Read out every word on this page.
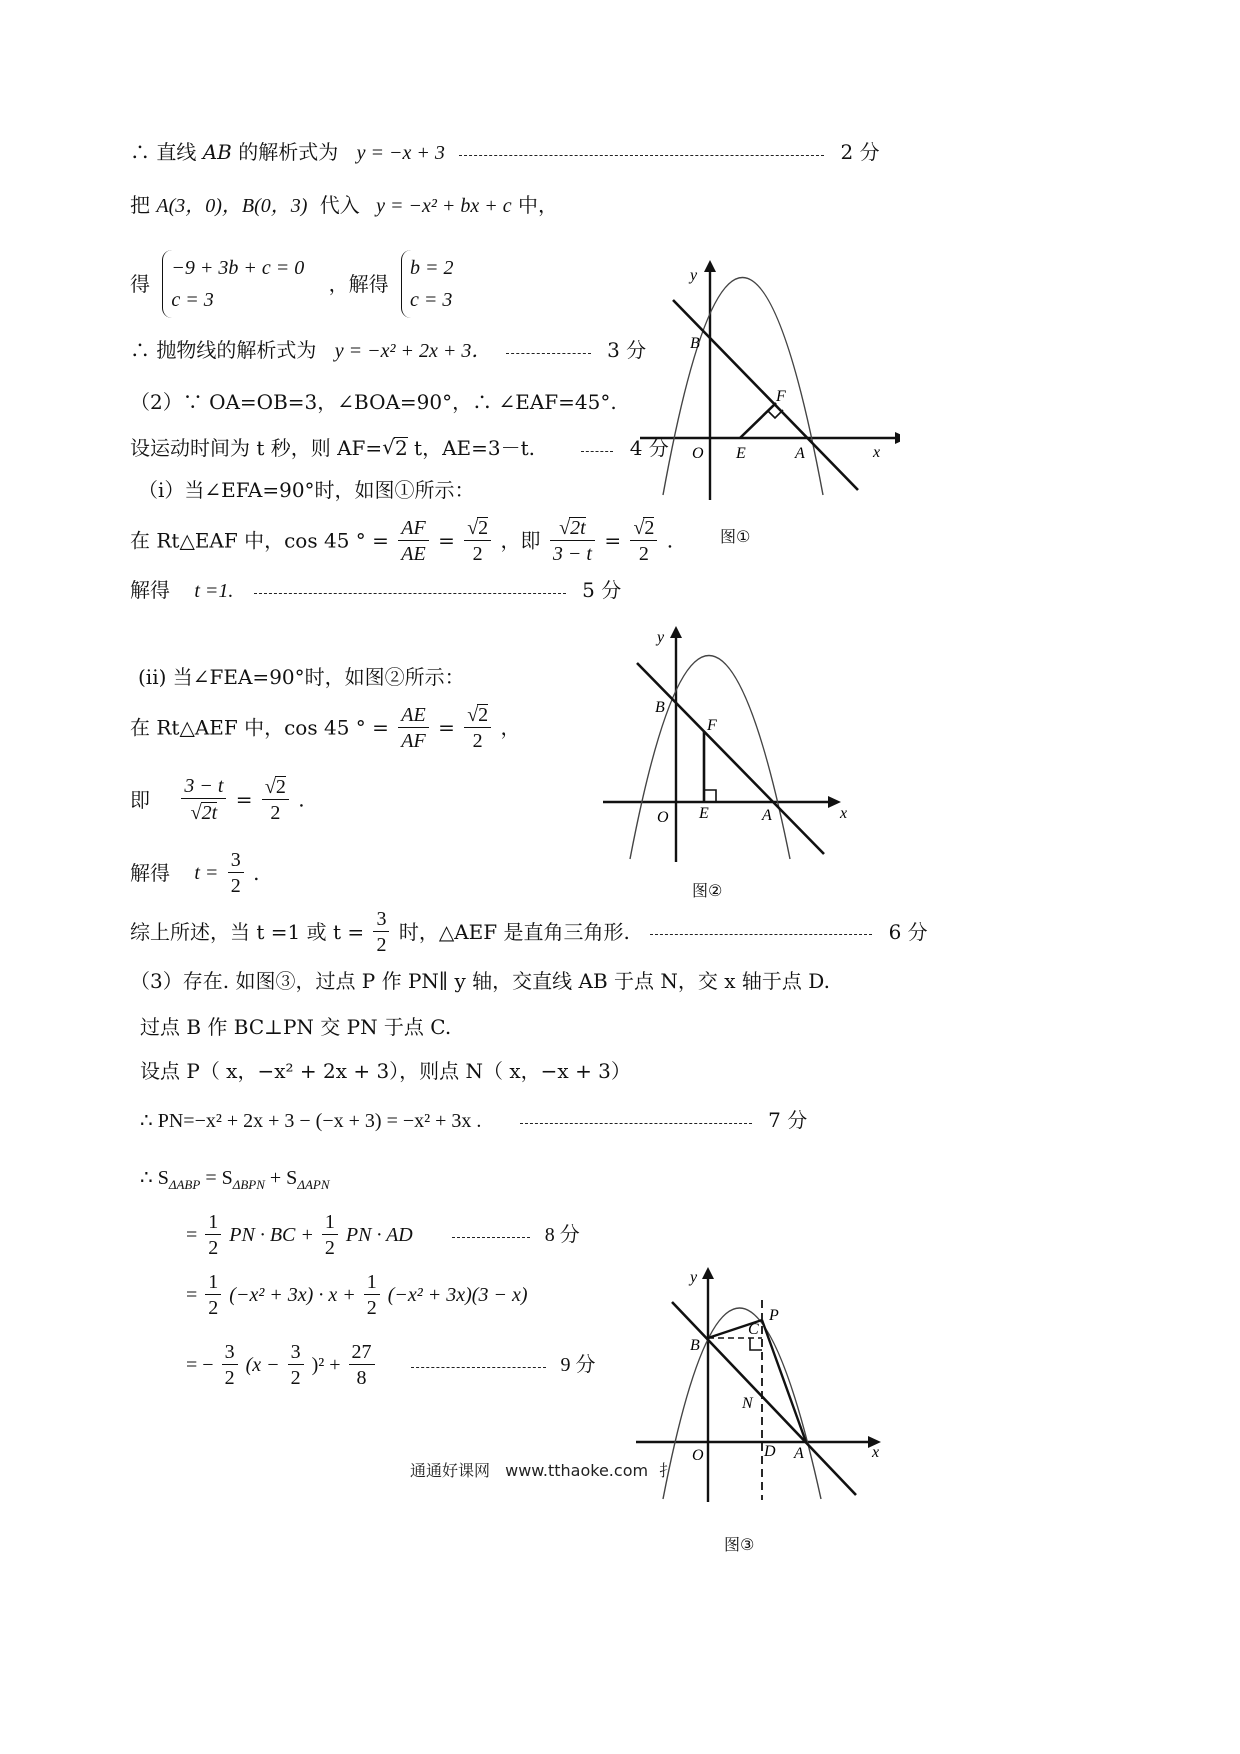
∴ 直线 AB 的解析式为 y = −x + 3	2 分
把 A(3，0)，B(0，3) 代入 y = −x² + bx + c 中，
得
−9 + 3b + c = 0
c = 3
，解得
b = 2
c = 3
∴ 抛物线的解析式为 y = −x² + 2x + 3．	3 分
（2）∵ OA=OB=3，∠BOA=90°，∴ ∠EAF=45°.
设运动时间为 t 秒，则 AF=√2 t，AE=3－t.	4 分
（i）当∠EFA=90°时，如图①所示：
在 Rt△EAF 中，cos 45 ° = $\frac{AF}{AE} = \frac{√2}{2}$ ，即 $\frac{√2t}{3 - t} = \frac{√2}{2}$ .
解得 t =1.	5 分
(ii) 当∠FEA=90°时，如图②所示：
在 Rt△AEF 中，cos 45 ° = $\frac{AE}{AF} = \frac{√2}{2}$ ，
即 $\frac{3 - t}{√2t} = \frac{√2}{2}$ .
解得 $t = \frac{3}{2}$ .
综上所述，当 t =1 或 $t = \frac{3}{2}$ 时，△AEF 是直角三角形.	6 分
（3）存在. 如图③，过点 P 作 PN∥ y 轴，交直线 AB 于点 N，交 x 轴于点 D.
过点 B 作 BC⊥PN 交 PN 于点 C.
设点 P（ x，−x² + 2x + 3），则点 N（ x，−x + 3）
∴ PN=−x² + 2x + 3 − (−x + 3) = −x² + 3x .	7 分
∴ $S_{\Delta ABP} = S_{\Delta BPN} + S_{\Delta APN}$
= $\frac{1}{2}$ PN · BC + $\frac{1}{2}$ PN · AD	8 分
= $\frac{1}{2} (-x^2 + 3x) \cdot x + \frac{1}{2} (-x^2 + 3x)(3 - x)$
= − $\frac{3}{2} (x - \frac{3}{2} )^2 + \frac{27}{8}$	9 分
B
F
O E	A	x
y
图①
B
F
O E	A	x
y
图②
B
C
P
N
O	D A	x
y
图③
通通好课网 www.tthaoke.com 扌
